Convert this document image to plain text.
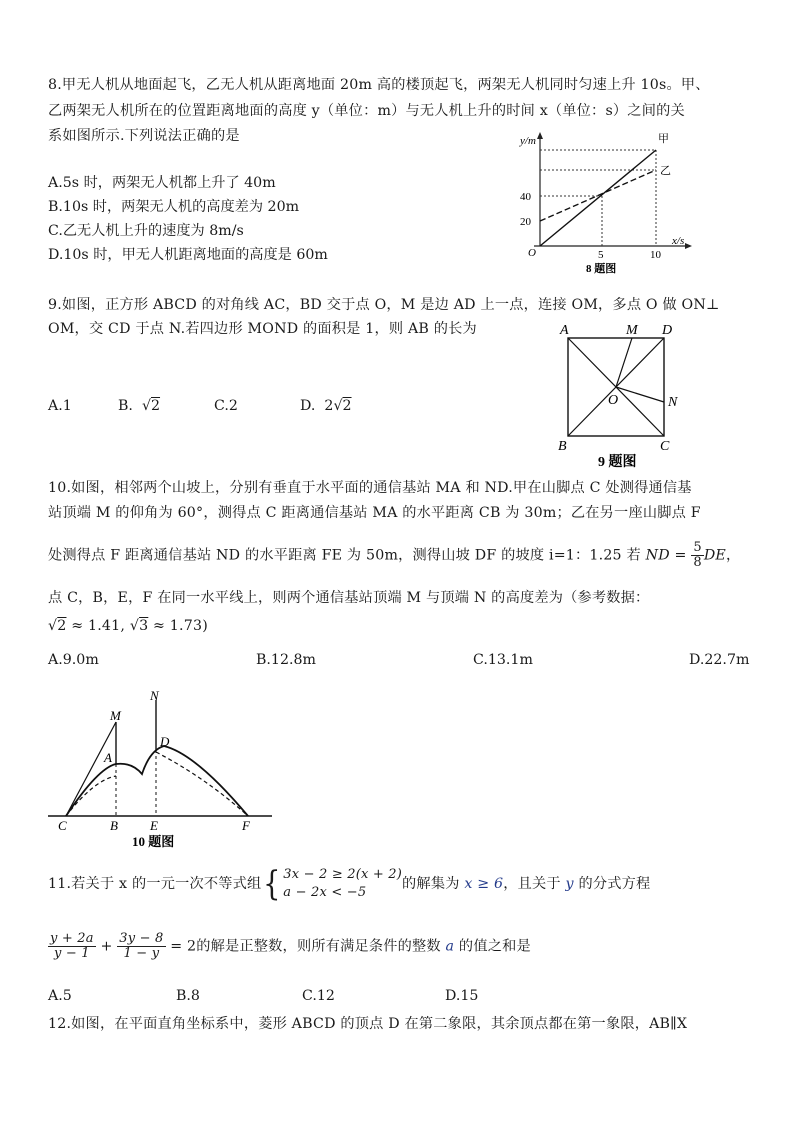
8.甲无人机从地面起飞，乙无人机从距离地面 20m 高的楼顶起飞，两架无人机同时匀速上升 10s。甲、
乙两架无人机所在的位置距离地面的高度 y（单位：m）与无人机上升的时间 x（单位：s）之间的关
系如图所示.下列说法正确的是
A.5s 时，两架无人机都上升了 40m
B.10s 时，两架无人机的高度差为 20m
C.乙无人机上升的速度为 8m/s
D.10s 时，甲无人机距离地面的高度是 60m
y/m
x/s
O
40
20
5	10
甲
乙
8 题图
9.如图，正方形 ABCD 的对角线 AC，BD 交于点 O，M 是边 AD 上一点，连接 OM，多点 O 做 ON⊥
OM，交 CD 于点 N.若四边形 MOND 的面积是 1，则 AB 的长为
A.1	B.  √2	C.2	D. 2√2
A	M D
N
O
B	C
9 题图
10.如图，相邻两个山坡上，分别有垂直于水平面的通信基站 MA 和 ND.甲在山脚点 C 处测得通信基
站顶端 M 的仰角为 60°，测得点 C 距离通信基站 MA 的水平距离 CB 为 30m；乙在另一座山脚点 F
处测得点 F 距离通信基站 ND 的水平距离 FE 为 50m，测得山坡 DF 的坡度 i=1：1.25 若 ND = $\frac{5}{8}$ DE，
点 C，B，E，F 在同一水平线上，则两个通信基站顶端 M 与顶端 N 的高度差为（参考数据：
√2 ≈ 1.41, √3 ≈ 1.73)
A.9.0m	B.12.8m	C.13.1m	D.22.7m
M
N
A
D
C	B E	F
10 题图
11.若关于 x 的一元一次不等式组{ 3x − 2 ≥ 2(x + 2)
a − 2x < −5
的解集为 x ≥ 6，且关于 y 的分式方程
$\frac{y + 2a}{y - 1} + \frac{3y - 8}{1 - y} = 2$的解是正整数，则所有满足条件的整数 a 的值之和是
A.5	B.8	C.12	D.15
12.如图，在平面直角坐标系中，菱形 ABCD 的顶点 D 在第二象限，其余顶点都在第一象限，AB∥X
